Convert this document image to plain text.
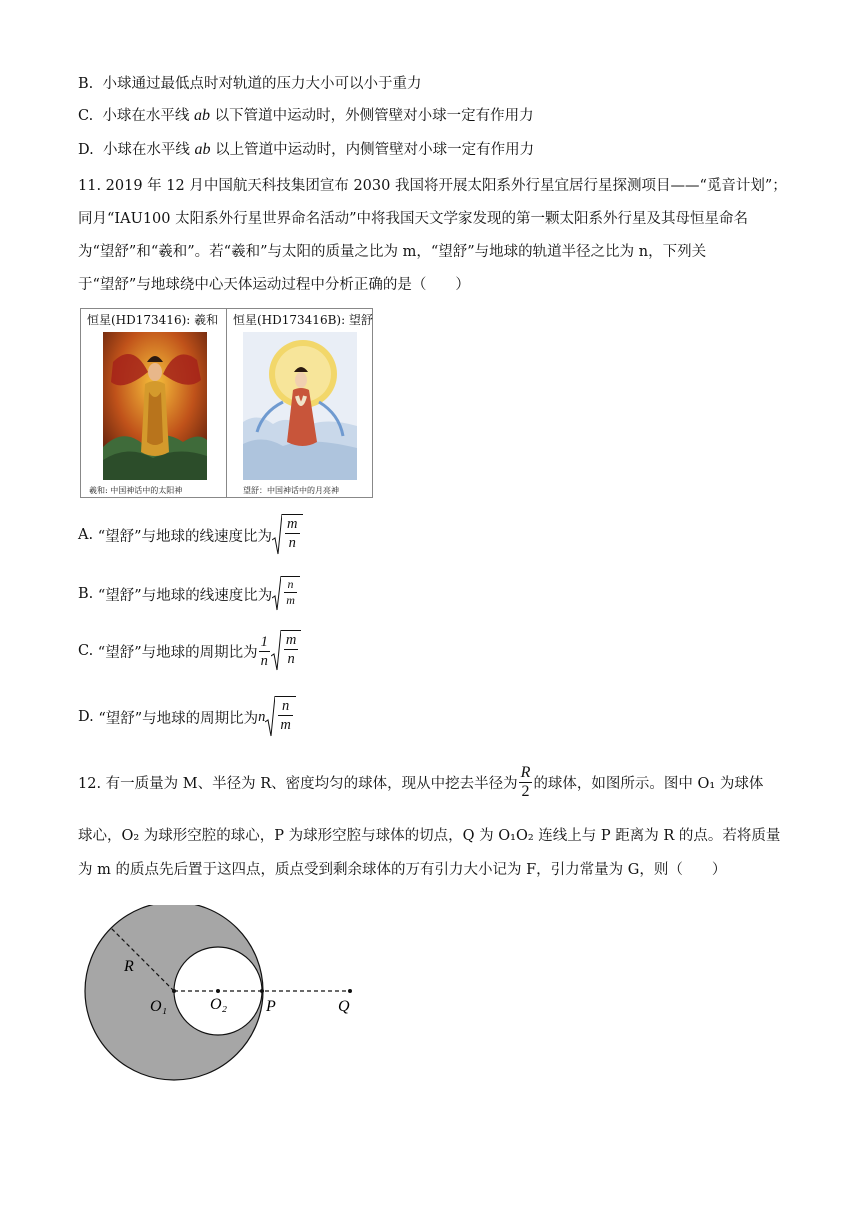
B. 小球通过最低点时对轨道的压力大小可以小于重力
C. 小球在水平线 ab 以下管道中运动时，外侧管壁对小球一定有作用力
D. 小球在水平线 ab 以上管道中运动时，内侧管壁对小球一定有作用力
11. 2019 年 12 月中国航天科技集团宣布 2030 我国将开展太阳系外行星宜居行星探测项目——“觅音计划”；
同月“IAU100 太阳系外行星世界命名活动”中将我国天文学家发现的第一颗太阳系外行星及其母恒星命名
为“望舒”和“羲和”。若“羲和”与太阳的质量之比为 m，“望舒”与地球的轨道半径之比为 n，下列关
于“望舒”与地球绕中心天体运动过程中分析正确的是（　　）
恒星(HD173416): 羲和 恒星(HD173416B): 望舒
羲和: 中国神话中的太阳神	望舒：中国神话中的月亮神
A.
“望舒”与地球的线速度比为 $\frac{m}{n}$
B.
“望舒”与地球的线速度比为 $\frac{n}{m}$
C.
“望舒”与地球的周期比为 $\frac{1}{n} \frac{m}{n}$
D.
“望舒”与地球的周期比为 n $\frac{n}{m}$
12. 有一质量为 M、半径为 R、密度均匀的球体，现从中挖去半径为 $\frac{R}{2}$ 的球体，如图所示。图中 O₁ 为球体
球心，O₂ 为球形空腔的球心，P 为球形空腔与球体的切点，Q 为 O₁O₂ 连线上与 P 距离为 R 的点。若将质量
为 m 的质点先后置于这四点，质点受到剩余球体的万有引力大小记为 F，引力常量为 G，则（　　）
R
O₁	O₂ P	Q
